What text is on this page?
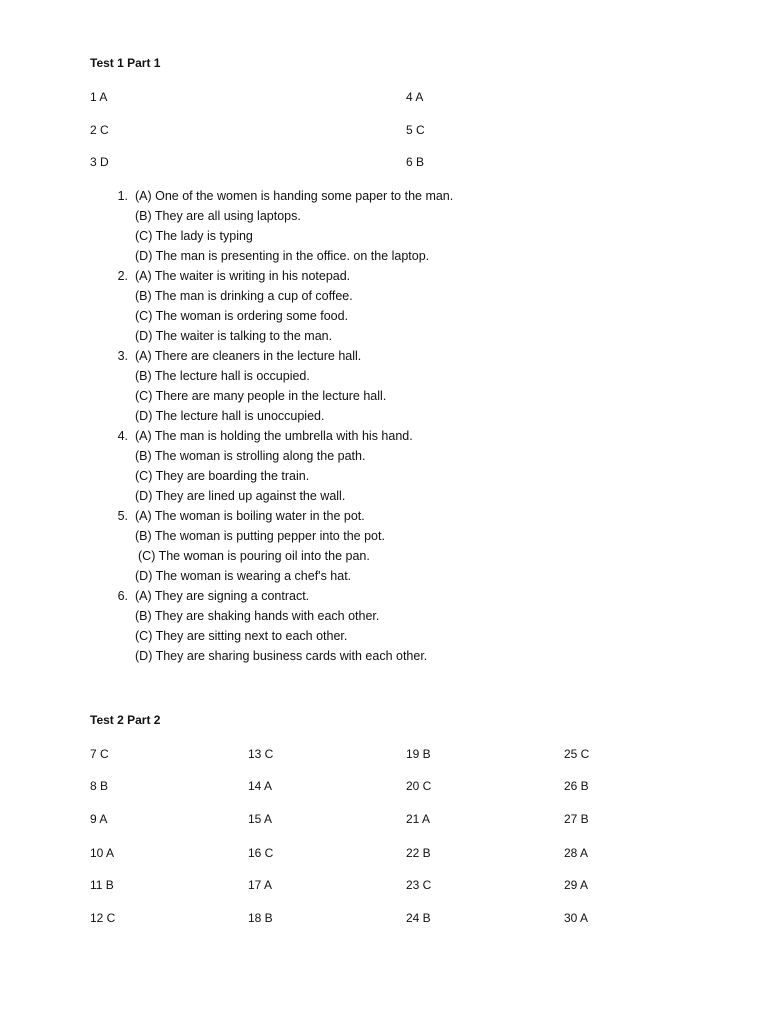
Test 1 Part 1
1 A
2 C
3 D
4 A
5 C
6 B
1. (A) One of the women is handing some paper to the man.
(B) They are all using laptops.
(C) The lady is typing
(D) The man is presenting in the office. on the laptop.
2. (A) The waiter is writing in his notepad.
(B) The man is drinking a cup of coffee.
(C) The woman is ordering some food.
(D) The waiter is talking to the man.
3. (A) There are cleaners in the lecture hall.
(B) The lecture hall is occupied.
(C) There are many people in the lecture hall.
(D) The lecture hall is unoccupied.
4. (A) The man is holding the umbrella with his hand.
(B) The woman is strolling along the path.
(C) They are boarding the train.
(D) They are lined up against the wall.
5. (A) The woman is boiling water in the pot.
(B) The woman is putting pepper into the pot.
(C) The woman is pouring oil into the pan.
(D) The woman is wearing a chef's hat.
6. (A) They are signing a contract.
(B) They are shaking hands with each other.
(C) They are sitting next to each other.
(D) They are sharing business cards with each other.
Test 2 Part 2
7 C
8 B
9 A
10 A
11 B
12 C
13 C
14 A
15 A
16 C
17 A
18 B
19 B
20 C
21 A
22 B
23 C
24 B
25 C
26 B
27 B
28 A
29 A
30 A
